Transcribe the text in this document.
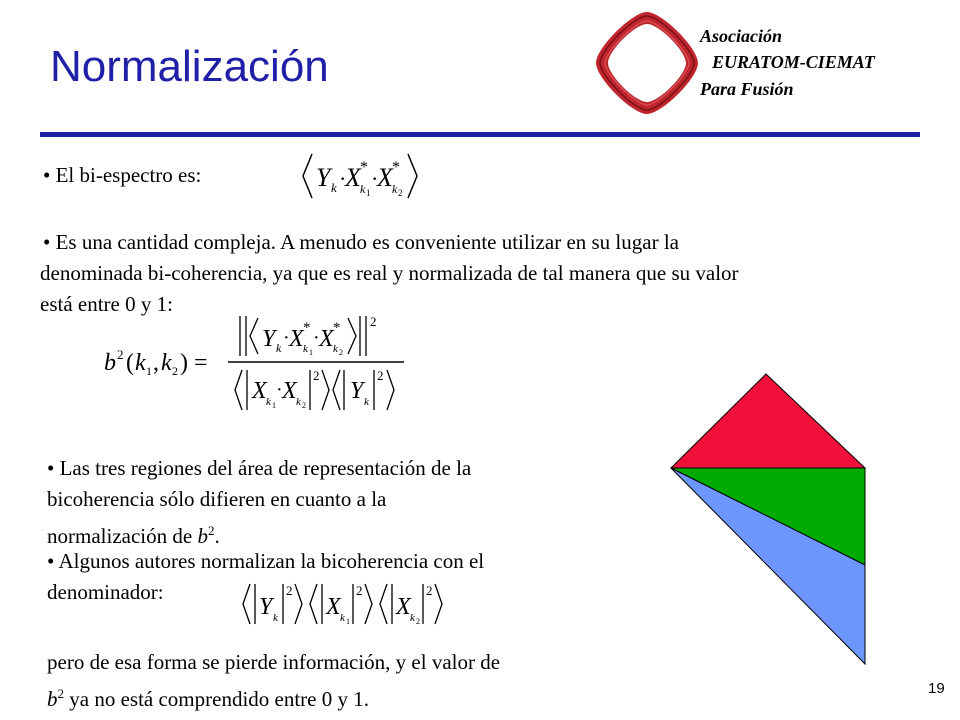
Normalización
Asociación
EURATOM-CIEMAT
Para Fusión
• El bi-espectro es:	Y k ·
X *
k 1
·
X *
k 2
• Es una cantidad compleja. A menudo es conveniente utilizar en su lugar la
denominada bi-coherencia, ya que es real y normalizada de tal manera que su valor
está entre 0 y 1:
b 2 ( k 1 , k 2 ) =
Y k · X *
k 1
· X *
k 2
2
X k 1
· X k 2
2
Y k
2
• Las tres regiones del área de representación de la
bicoherencia sólo difieren en cuanto a la
normalización de $b^2$.
• Algunos autores normalizan la bicoherencia con el
denominador:
Y k
2
X k 1
2
X k 2
2
pero de esa forma se pierde información, y el valor de
$b^2$ ya no está comprendido entre 0 y 1.	19
